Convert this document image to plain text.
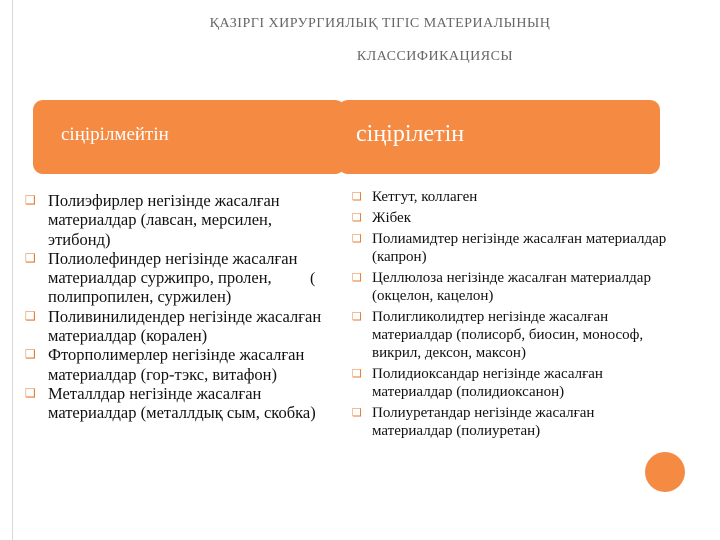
ҚАЗІРГІ ХИРУРГИЯЛЫҚ ТІГІС МАТЕРИАЛЫНЫҢ
КЛАССИФИКАЦИЯСЫ
сіңірілмейтін	сіңірілетін
❑ Полиэфирлер негізінде жасалған материалдар (лавсан, мерсилен, этибонд)
❑ Полиолефиндер негізінде жасалған материалдар суржипро, пролен, полипропилен, суржилен)
❑ Поливинилидендер негізінде жасалған материалдар (корален)
❑ Фторполимерлер негізінде жасалған материалдар (гор-тэкс, витафон)
❑ Металлдар негізінде жасалған материалдар (металлдық сым, скобка)
(
❑ Кетгут, коллаген
❑ Жібек
❑ Полиамидтер негізінде жасалған материалдар (капрон)
❑ Целлюлоза негізінде жасалған материалдар (окцелон, кацелон)
❑ Полигликолидтер негізінде жасалған материалдар (полисорб, биосин, монософ, викрил, дексон, максон)
❑ Полидиоксандар негізінде жасалған материалдар (полидиоксанон)
❑ Полиуретандар негізінде жасалған материалдар (полиуретан)
